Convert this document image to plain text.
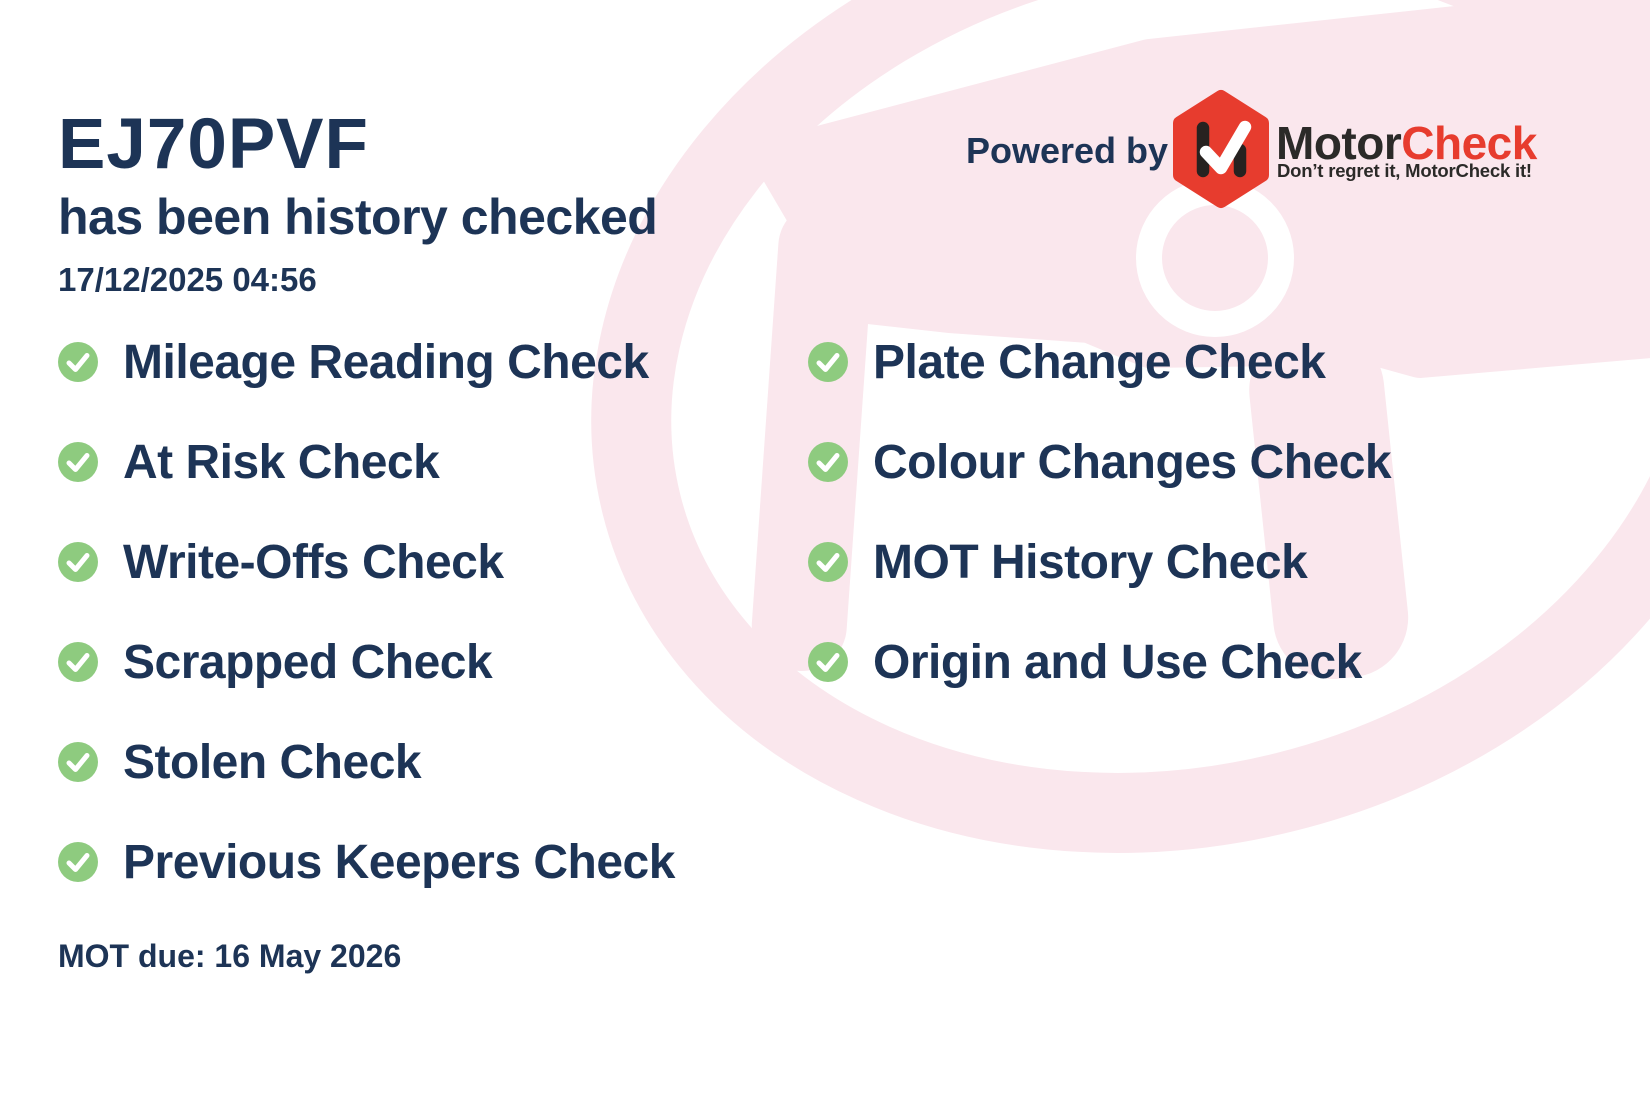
EJ70PVF
has been history checked
17/12/2025 04:56
Powered by MotorCheck
Don’t regret it, MotorCheck it!
Mileage Reading Check
At Risk Check
Write-Offs Check
Scrapped Check
Stolen Check
Previous Keepers Check
Plate Change Check
Colour Changes Check
MOT History Check
Origin and Use Check
MOT due: 16 May 2026
